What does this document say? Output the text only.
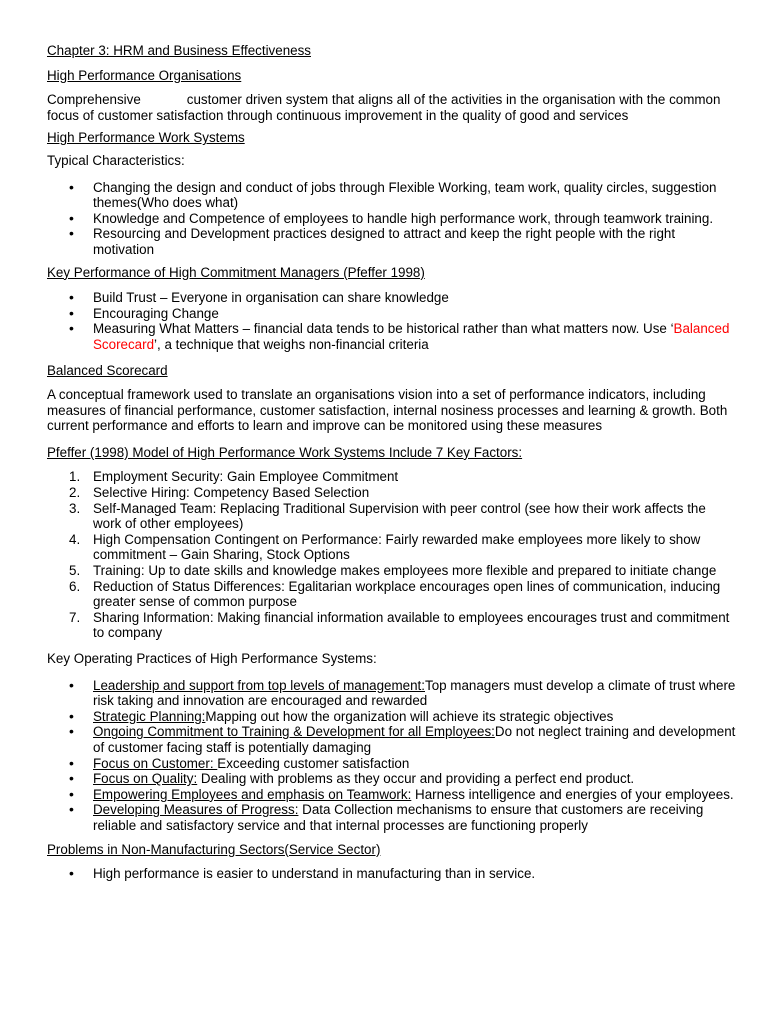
Chapter 3: HRM and Business Effectiveness
High Performance Organisations

Comprehensive	customer driven system that aligns all of the activities in the organisation with the common focus of customer satisfaction through continuous improvement in the quality of good and services

High Performance Work Systems

Typical Characteristics:

• Changing the design and conduct of jobs through Flexible Working, team work, quality circles, suggestion themes(Who does what)
• Knowledge and Competence of employees to handle high performance work, through teamwork training.
• Resourcing and Development practices designed to attract and keep the right people with the right motivation
Key Performance of High Commitment Managers (Pfeffer 1998)
• Build Trust – Everyone in organisation can share knowledge
• Encouraging Change
• Measuring What Matters – financial data tends to be historical rather than what matters now. Use ‘Balanced Scorecard’, a technique that weighs non-financial criteria
Balanced Scorecard

A conceptual framework used to translate an organisations vision into a set of performance indicators, including measures of financial performance, customer satisfaction, internal nosiness processes and learning & growth. Both current performance and efforts to learn and improve can be monitored using these measures

Pfeffer (1998) Model of High Performance Work Systems Include 7 Key Factors:
1. Employment Security: Gain Employee Commitment
2. Selective Hiring: Competency Based Selection
3. Self-Managed Team: Replacing Traditional Supervision with peer control (see how their work affects the work of other employees)
4. High Compensation Contingent on Performance: Fairly rewarded make employees more likely to show commitment – Gain Sharing, Stock Options
5. Training: Up to date skills and knowledge makes employees more flexible and prepared to initiate change
6. Reduction of Status Differences: Egalitarian workplace encourages open lines of communication, inducing greater sense of common purpose
7. Sharing Information: Making financial information available to employees encourages trust and commitment to company

Key Operating Practices of High Performance Systems:

• Leadership and support from top levels of management:Top managers must develop a climate of trust where risk taking and innovation are encouraged and rewarded
• Strategic Planning:Mapping out how the organization will achieve its strategic objectives
• Ongoing Commitment to Training & Development for all Employees:Do not neglect training and development of customer facing staff is potentially damaging
• Focus on Customer: Exceeding customer satisfaction
• Focus on Quality: Dealing with problems as they occur and providing a perfect end product.
• Empowering Employees and emphasis on Teamwork: Harness intelligence and energies of your employees.
• Developing Measures of Progress: Data Collection mechanisms to ensure that customers are receiving reliable and satisfactory service and that internal processes are functioning properly
Problems in Non-Manufacturing Sectors(Service Sector)
• High performance is easier to understand in manufacturing than in service.
